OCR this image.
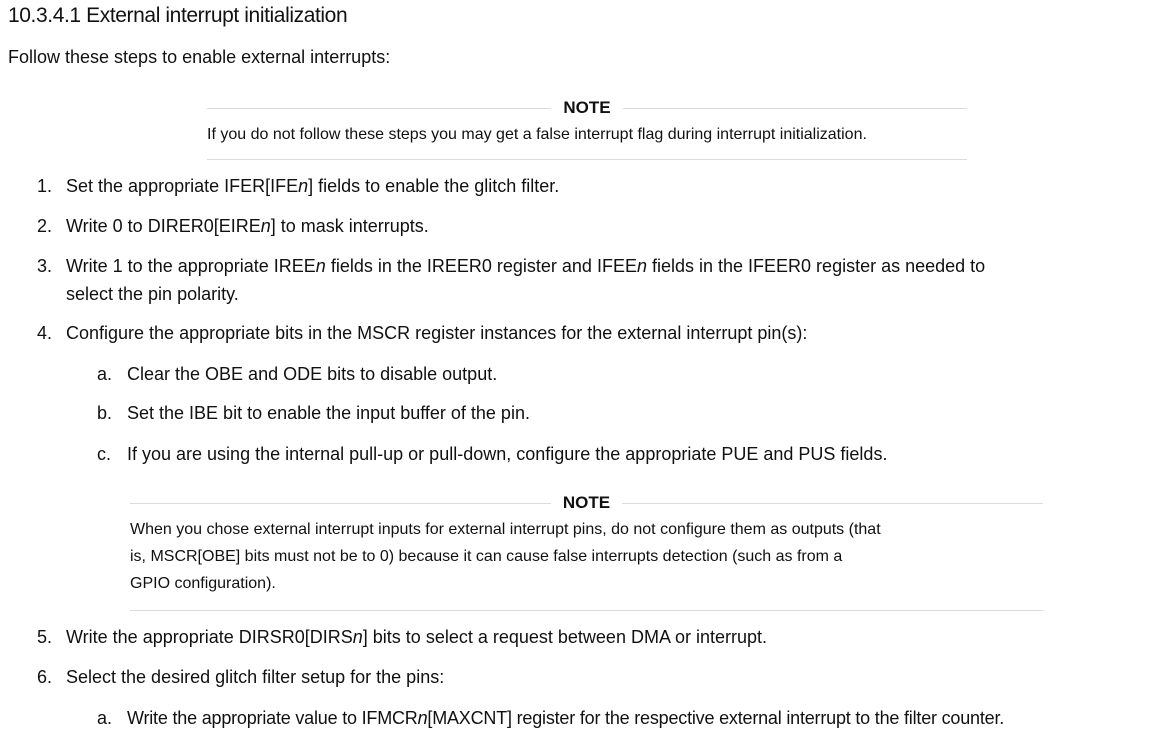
10.3.4.1 External interrupt initialization
Follow these steps to enable external interrupts:
NOTE
If you do not follow these steps you may get a false interrupt flag during interrupt initialization.
1. Set the appropriate IFER[IFEn] fields to enable the glitch filter.
2. Write 0 to DIRER0[EIREn] to mask interrupts.
3. Write 1 to the appropriate IREEn fields in the IREER0 register and IFEEn fields in the IFEER0 register as needed to
select the pin polarity.
4. Configure the appropriate bits in the MSCR register instances for the external interrupt pin(s):
a. Clear the OBE and ODE bits to disable output.
b. Set the IBE bit to enable the input buffer of the pin.
c. If you are using the internal pull-up or pull-down, configure the appropriate PUE and PUS fields.
NOTE
When you chose external interrupt inputs for external interrupt pins, do not configure them as outputs (that
is, MSCR[OBE] bits must not be to 0) because it can cause false interrupts detection (such as from a
GPIO configuration).
5. Write the appropriate DIRSR0[DIRSn] bits to select a request between DMA or interrupt.
6. Select the desired glitch filter setup for the pins:
a. Write the appropriate value to IFMCRn[MAXCNT] register for the respective external interrupt to the filter counter.
